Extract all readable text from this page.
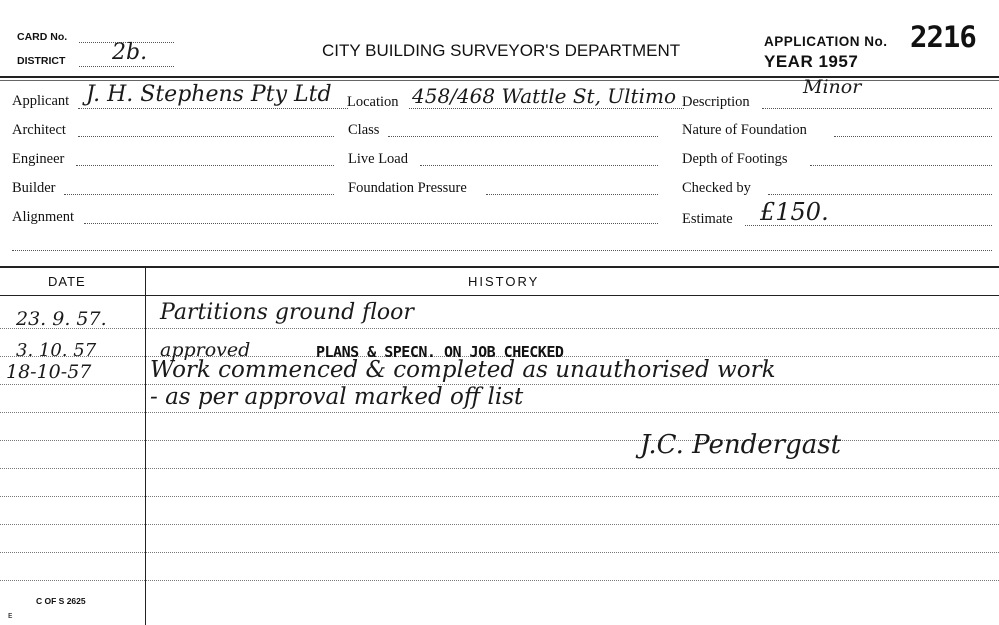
CARD No.
DISTRICT 2b.	CITY BUILDING SURVEYOR'S DEPARTMENT	APPLICATION No. 2216
YEAR 1957
Applicant J. H. Stephens Pty Ltd Location 458/468 Wattle St, Ultimo Description
Minor
Architect	Class	Nature of Foundation
Engineer	Live Load	Depth of Footings
Builder	Foundation Pressure	Checked by
Alignment	Estimate £150.
DATE	HISTORY
23. 9. 57. Partitions ground floor
3. 10. 57	approved	PLANS & SPECN. ON JOB CHECKED
18-10-57	Work commenced & completed as unauthorised work
- as per approval marked off list
J.C. Pendergast
C OF S 2625
ᴇ
